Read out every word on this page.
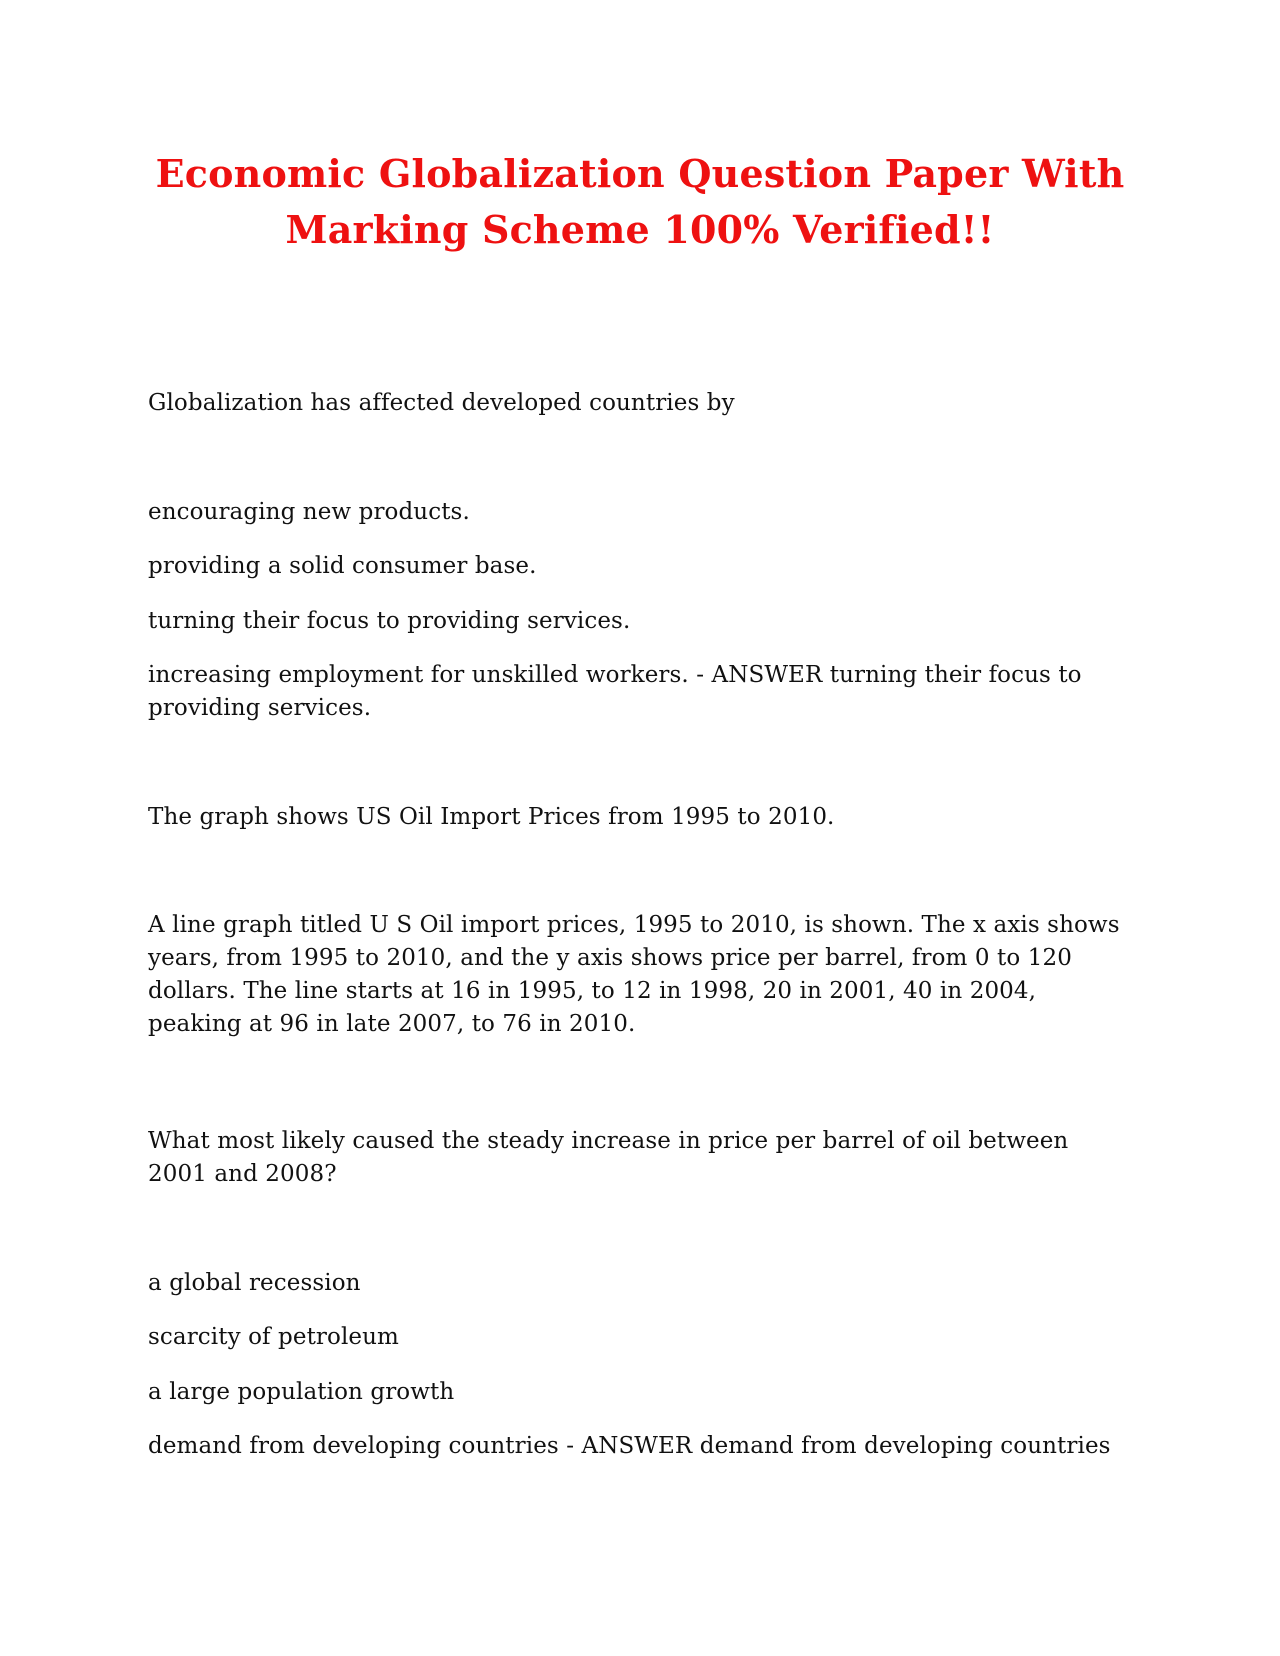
Economic Globalization Question Paper With
Marking Scheme 100% Verified!!

Globalization has affected developed countries by

encouraging new products.

providing a solid consumer base.

turning their focus to providing services.

increasing employment for unskilled workers. - ANSWER turning their focus to providing services.

The graph shows US Oil Import Prices from 1995 to 2010.

A line graph titled U S Oil import prices, 1995 to 2010, is shown. The x axis shows years, from 1995 to 2010, and the y axis shows price per barrel, from 0 to 120 dollars. The line starts at 16 in 1995, to 12 in 1998, 20 in 2001, 40 in 2004, peaking at 96 in late 2007, to 76 in 2010.

What most likely caused the steady increase in price per barrel of oil between 2001 and 2008?

a global recession

scarcity of petroleum

a large population growth

demand from developing countries - ANSWER demand from developing countries
